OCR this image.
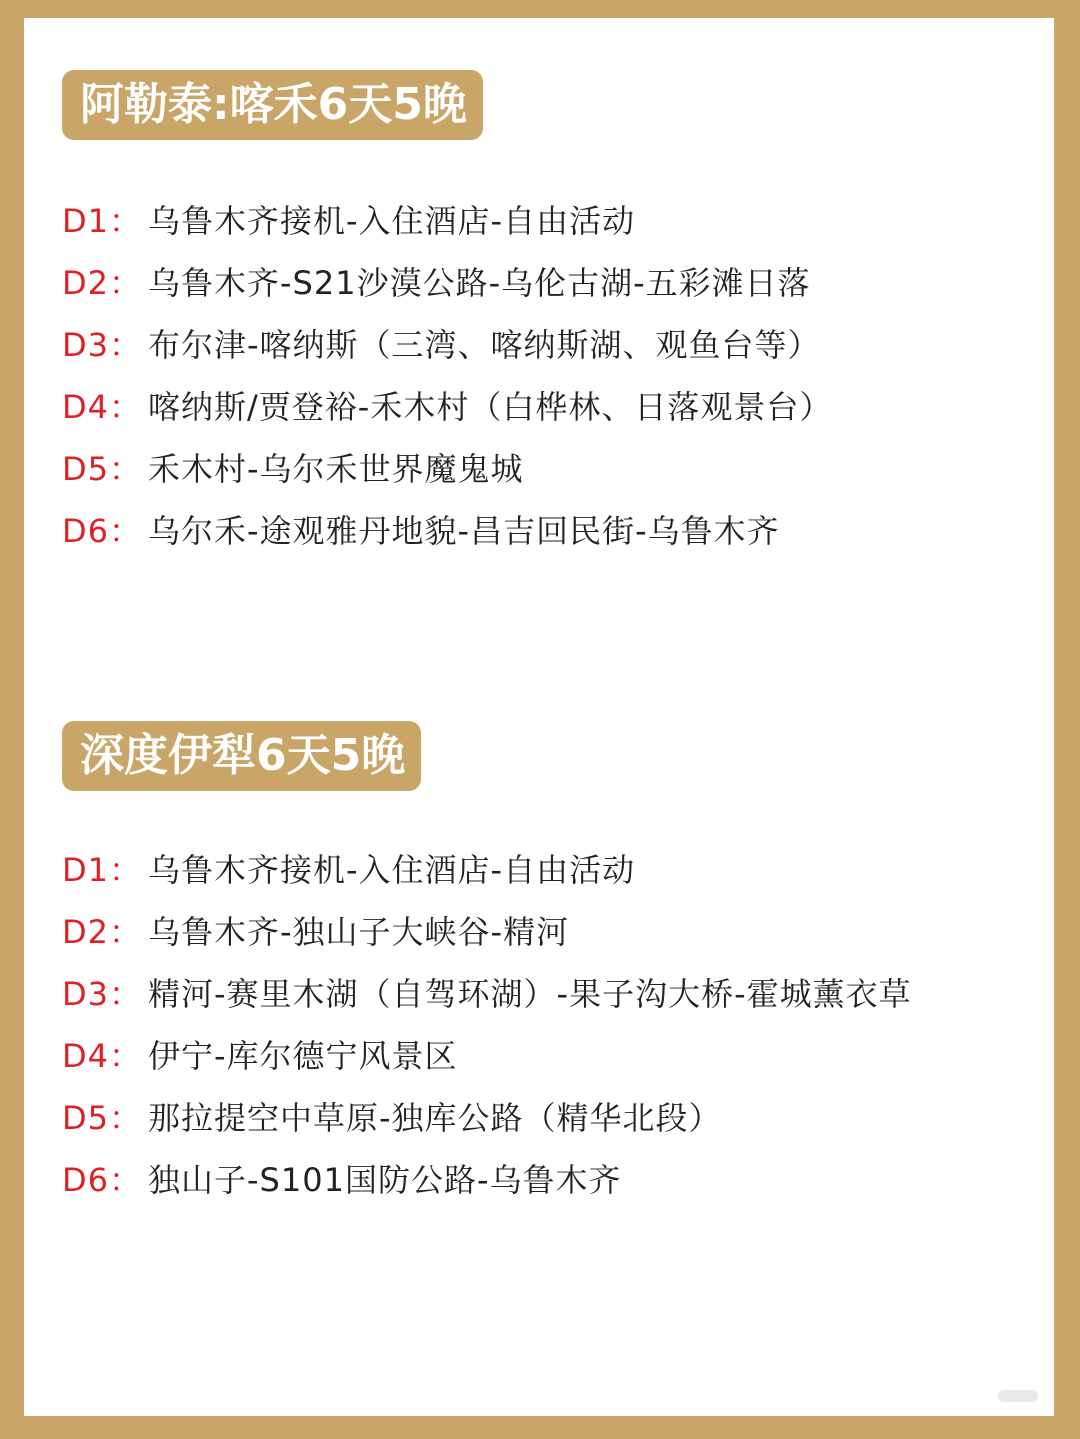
阿勒泰:喀禾6天5晚
D1： 乌鲁木齐接机-入住酒店-自由活动
D2： 乌鲁木齐-S21沙漠公路-乌伦古湖-五彩滩日落
D3： 布尔津-喀纳斯（三湾、喀纳斯湖、观鱼台等）
D4： 喀纳斯/贾登裕-禾木村（白桦林、日落观景台）
D5： 禾木村-乌尔禾世界魔鬼城
D6： 乌尔禾-途观雅丹地貌-昌吉回民街-乌鲁木齐
深度伊犁6天5晚
D1： 乌鲁木齐接机-入住酒店-自由活动
D2： 乌鲁木齐-独山子大峡谷-精河
D3： 精河-赛里木湖（自驾环湖）-果子沟大桥-霍城薰衣草
D4： 伊宁-库尔德宁风景区
D5： 那拉提空中草原-独库公路（精华北段）
D6： 独山子-S101国防公路-乌鲁木齐
